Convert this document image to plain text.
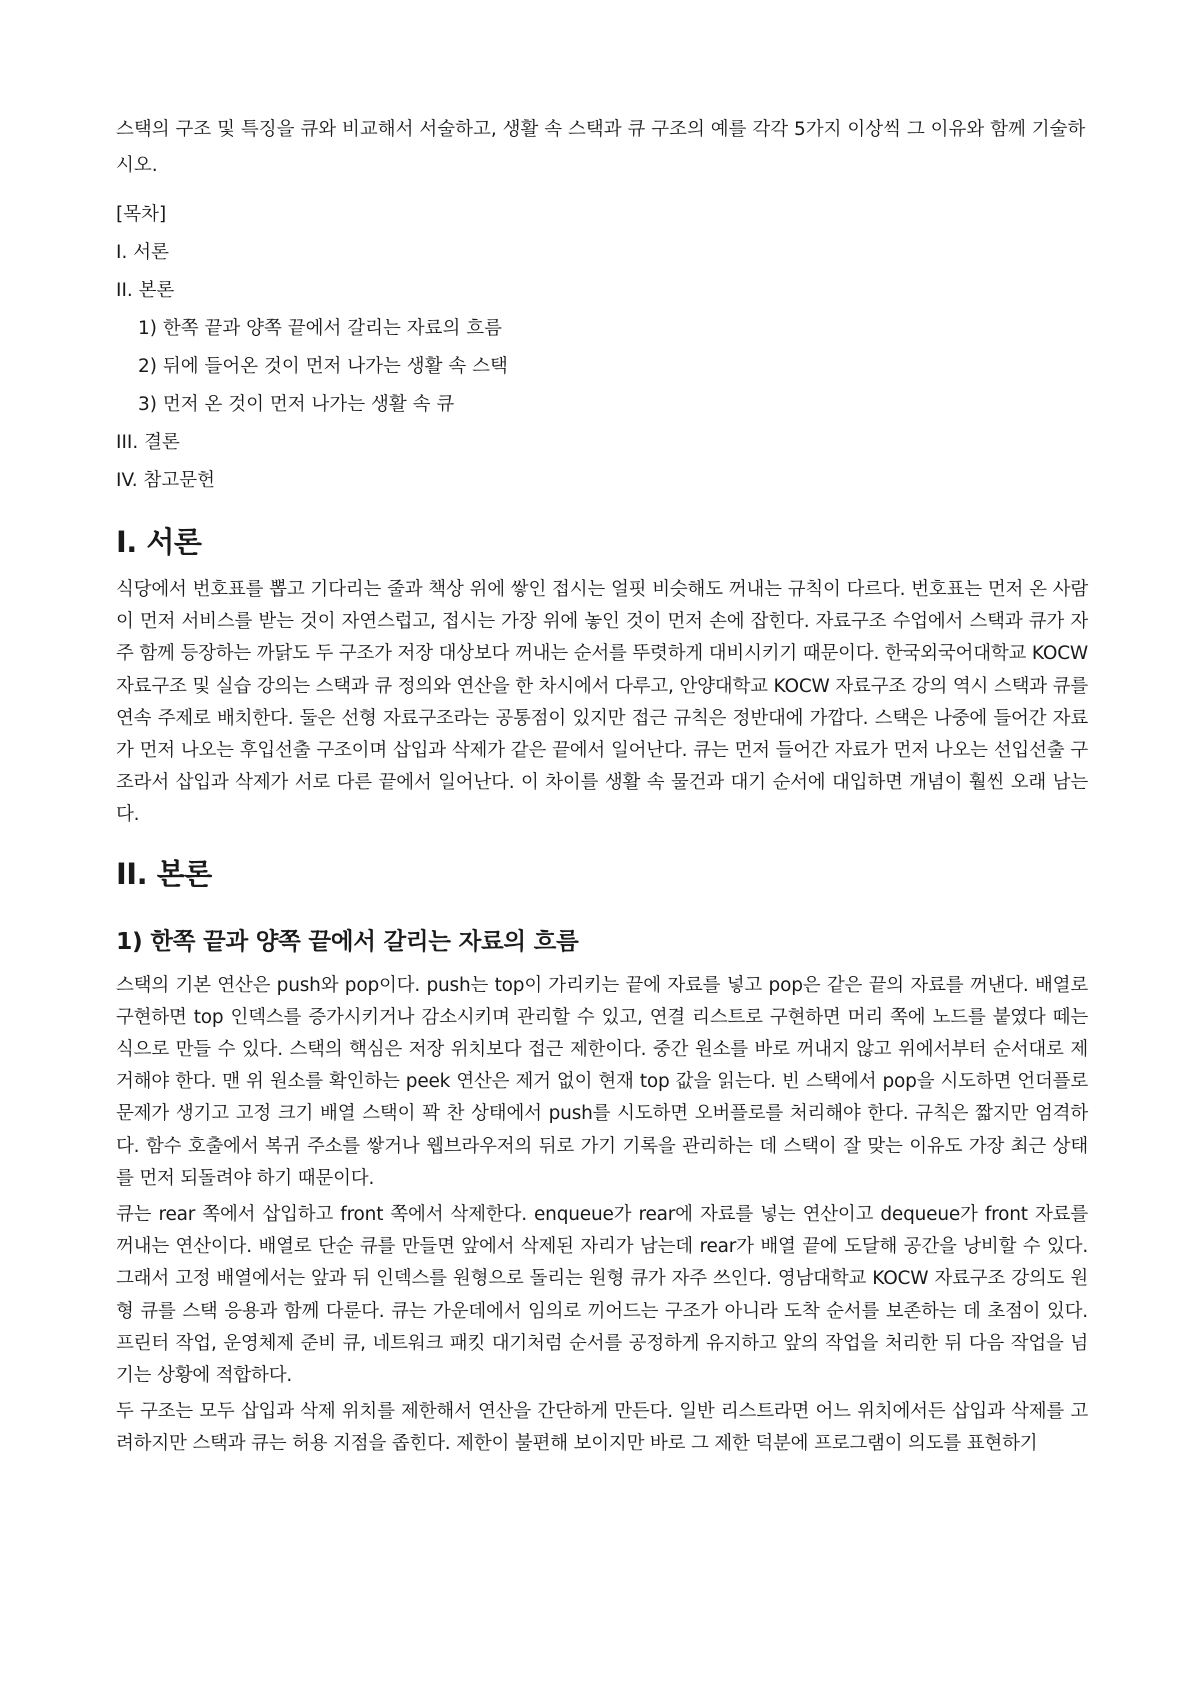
스택의 구조 및 특징을 큐와 비교해서 서술하고, 생활 속 스택과 큐 구조의 예를 각각 5가지 이상씩 그 이유와 함께 기술하시오.

[목차]

I. 서론

II. 본론

1) 한쪽 끝과 양쪽 끝에서 갈리는 자료의 흐름

2) 뒤에 들어온 것이 먼저 나가는 생활 속 스택

3) 먼저 온 것이 먼저 나가는 생활 속 큐

III. 결론

IV. 참고문헌

I. 서론

식당에서 번호표를 뽑고 기다리는 줄과 책상 위에 쌓인 접시는 얼핏 비슷해도 꺼내는 규칙이 다르다. 번호표는 먼저 온 사람이 먼저 서비스를 받는 것이 자연스럽고, 접시는 가장 위에 놓인 것이 먼저 손에 잡힌다. 자료구조 수업에서 스택과 큐가 자주 함께 등장하는 까닭도 두 구조가 저장 대상보다 꺼내는 순서를 뚜렷하게 대비시키기 때문이다. 한국외국어대학교 KOCW 자료구조 및 실습 강의는 스택과 큐 정의와 연산을 한 차시에서 다루고, 안양대학교 KOCW 자료구조 강의 역시 스택과 큐를 연속 주제로 배치한다. 둘은 선형 자료구조라는 공통점이 있지만 접근 규칙은 정반대에 가깝다. 스택은 나중에 들어간 자료가 먼저 나오는 후입선출 구조이며 삽입과 삭제가 같은 끝에서 일어난다. 큐는 먼저 들어간 자료가 먼저 나오는 선입선출 구조라서 삽입과 삭제가 서로 다른 끝에서 일어난다. 이 차이를 생활 속 물건과 대기 순서에 대입하면 개념이 훨씬 오래 남는다.

II. 본론
1) 한쪽 끝과 양쪽 끝에서 갈리는 자료의 흐름

스택의 기본 연산은 push와 pop이다. push는 top이 가리키는 끝에 자료를 넣고 pop은 같은 끝의 자료를 꺼낸다. 배열로 구현하면 top 인덱스를 증가시키거나 감소시키며 관리할 수 있고, 연결 리스트로 구현하면 머리 쪽에 노드를 붙였다 떼는 식으로 만들 수 있다. 스택의 핵심은 저장 위치보다 접근 제한이다. 중간 원소를 바로 꺼내지 않고 위에서부터 순서대로 제거해야 한다. 맨 위 원소를 확인하는 peek 연산은 제거 없이 현재 top 값을 읽는다. 빈 스택에서 pop을 시도하면 언더플로 문제가 생기고 고정 크기 배열 스택이 꽉 찬 상태에서 push를 시도하면 오버플로를 처리해야 한다. 규칙은 짧지만 엄격하다. 함수 호출에서 복귀 주소를 쌓거나 웹브라우저의 뒤로 가기 기록을 관리하는 데 스택이 잘 맞는 이유도 가장 최근 상태를 먼저 되돌려야 하기 때문이다.

큐는 rear 쪽에서 삽입하고 front 쪽에서 삭제한다. enqueue가 rear에 자료를 넣는 연산이고 dequeue가 front 자료를 꺼내는 연산이다. 배열로 단순 큐를 만들면 앞에서 삭제된 자리가 남는데 rear가 배열 끝에 도달해 공간을 낭비할 수 있다. 그래서 고정 배열에서는 앞과 뒤 인덱스를 원형으로 돌리는 원형 큐가 자주 쓰인다. 영남대학교 KOCW 자료구조 강의도 원형 큐를 스택 응용과 함께 다룬다. 큐는 가운데에서 임의로 끼어드는 구조가 아니라 도착 순서를 보존하는 데 초점이 있다. 프린터 작업, 운영체제 준비 큐, 네트워크 패킷 대기처럼 순서를 공정하게 유지하고 앞의 작업을 처리한 뒤 다음 작업을 넘기는 상황에 적합하다.

두 구조는 모두 삽입과 삭제 위치를 제한해서 연산을 간단하게 만든다. 일반 리스트라면 어느 위치에서든 삽입과 삭제를 고려하지만 스택과 큐는 허용 지점을 좁힌다. 제한이 불편해 보이지만 바로 그 제한 덕분에 프로그램이 의도를 표현하기
